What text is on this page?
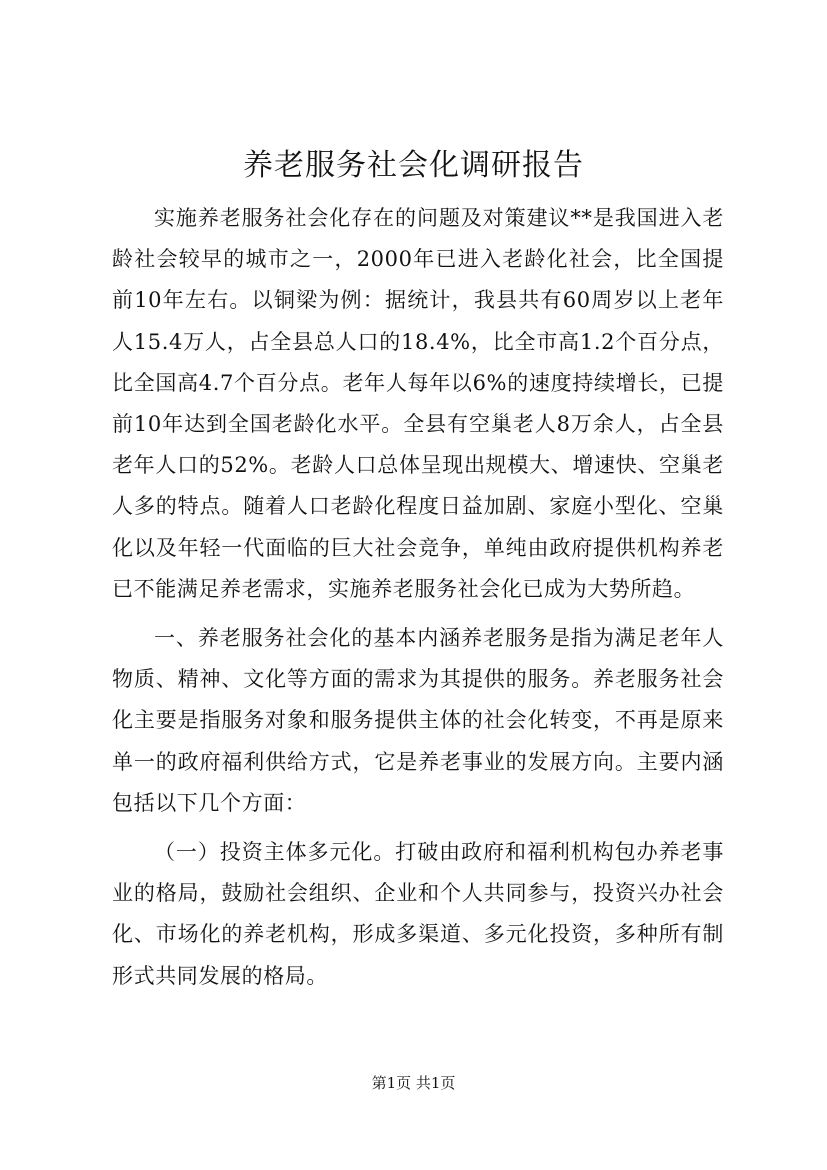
养老服务社会化调研报告

实施养老服务社会化存在的问题及对策建议**是我国进入老龄社会较早的城市之一，2000年已进入老龄化社会，比全国提前10年左右。以铜梁为例：据统计，我县共有60周岁以上老年人15.4万人，占全县总人口的18.4%，比全市高1.2个百分点，比全国高4.7个百分点。老年人每年以6%的速度持续增长，已提前10年达到全国老龄化水平。全县有空巢老人8万余人，占全县老年人口的52%。老龄人口总体呈现出规模大、增速快、空巢老人多的特点。随着人口老龄化程度日益加剧、家庭小型化、空巢化以及年轻一代面临的巨大社会竞争，单纯由政府提供机构养老已不能满足养老需求，实施养老服务社会化已成为大势所趋。

一、养老服务社会化的基本内涵养老服务是指为满足老年人物质、精神、文化等方面的需求为其提供的服务。养老服务社会化主要是指服务对象和服务提供主体的社会化转变，不再是原来单一的政府福利供给方式，它是养老事业的发展方向。主要内涵包括以下几个方面：

（一）投资主体多元化。打破由政府和福利机构包办养老事业的格局，鼓励社会组织、企业和个人共同参与，投资兴办社会化、市场化的养老机构，形成多渠道、多元化投资，多种所有制形式共同发展的格局。

第1页 共1页
